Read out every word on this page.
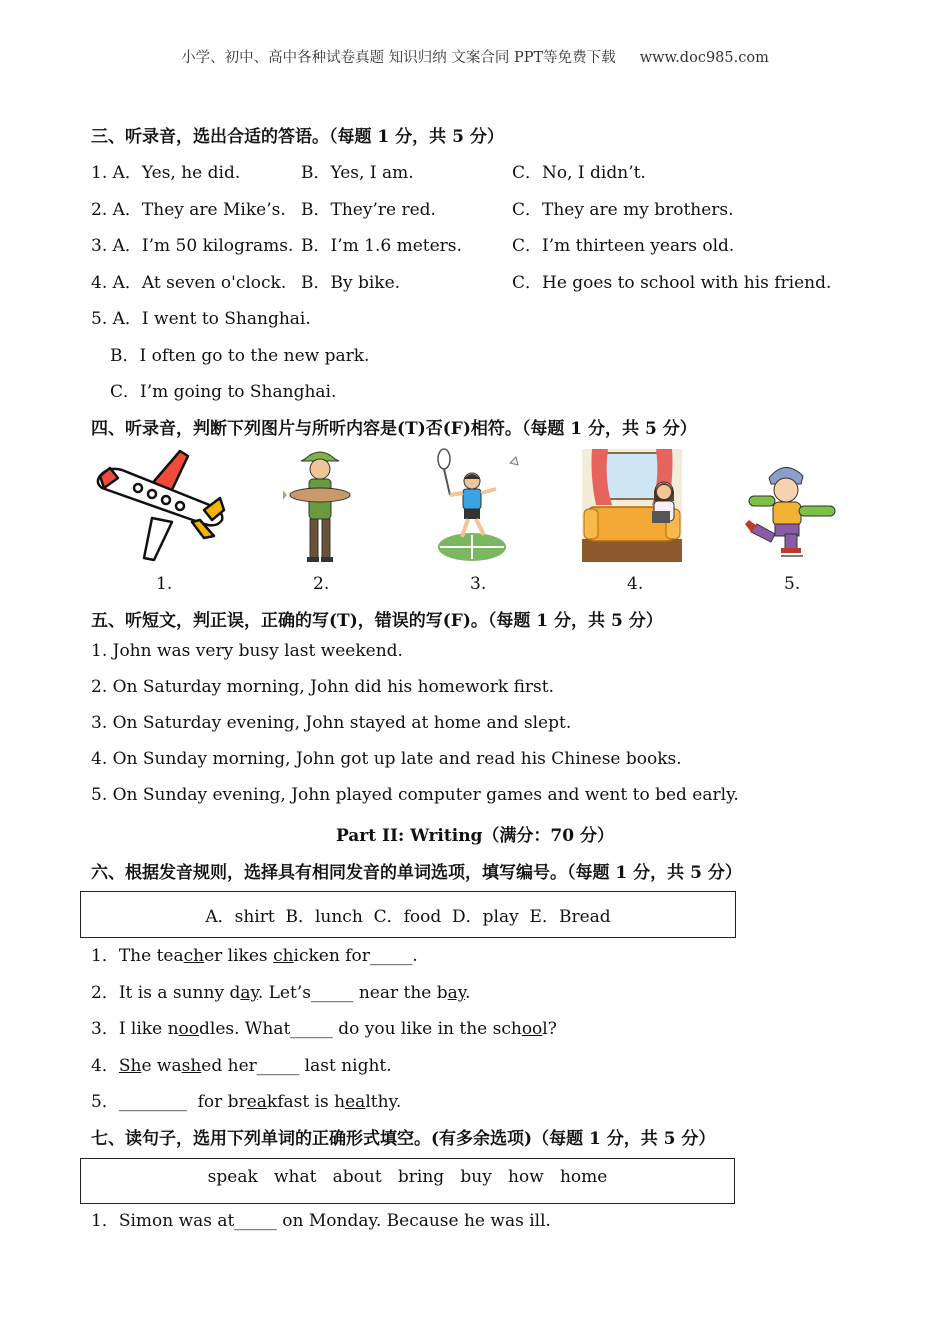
小学、初中、高中各种试卷真题 知识归纳 文案合同 PPT等免费下载 www.doc985.com
三、听录音，选出合适的答语。（每题 1 分，共 5 分）
1. A．Yes, he did.	B．Yes, I am.	C．No, I didn’t.
2. A．They are Mike’s. B．They’re red.	C．They are my brothers.
3. A．I’m 50 kilograms. B．I’m 1.6 meters.	C．I’m thirteen years old.
4. A．At seven o'clock. B．By bike.	C．He goes to school with his friend.
5. A．I went to Shanghai.
B．I often go to the new park.
C．I’m going to Shanghai.
四、听录音，判断下列图片与所听内容是(T)否(F)相符。（每题 1 分，共 5 分）
1.	2.	3.	4.	5.
五、听短文，判正误，正确的写(T)，错误的写(F)。（每题 1 分，共 5 分）
1. John was very busy last weekend.
2. On Saturday morning, John did his homework first.
3. On Saturday evening, John stayed at home and slept.
4. On Sunday morning, John got up late and read his Chinese books.
5. On Sunday evening, John played computer games and went to bed early.
Part II: Writing（满分：70 分）
六、根据发音规则，选择具有相同发音的单词选项，填写编号。（每题 1 分，共 5 分）
A．shirt  B．lunch  C．food  D．play  E．Bread
1．The teacher likes chicken for_____.
2．It is a sunny day. Let’s_____ near the bay.
3．I like noodles. What_____ do you like in the school?
4．She washed her_____ last night.
5．________  for breakfast is healthy.
七、读句子，选用下列单词的正确形式填空。(有多余选项)（每题 1 分，共 5 分）
speak   what   about   bring   buy   how   home
1．Simon was at_____ on Monday. Because he was ill.
